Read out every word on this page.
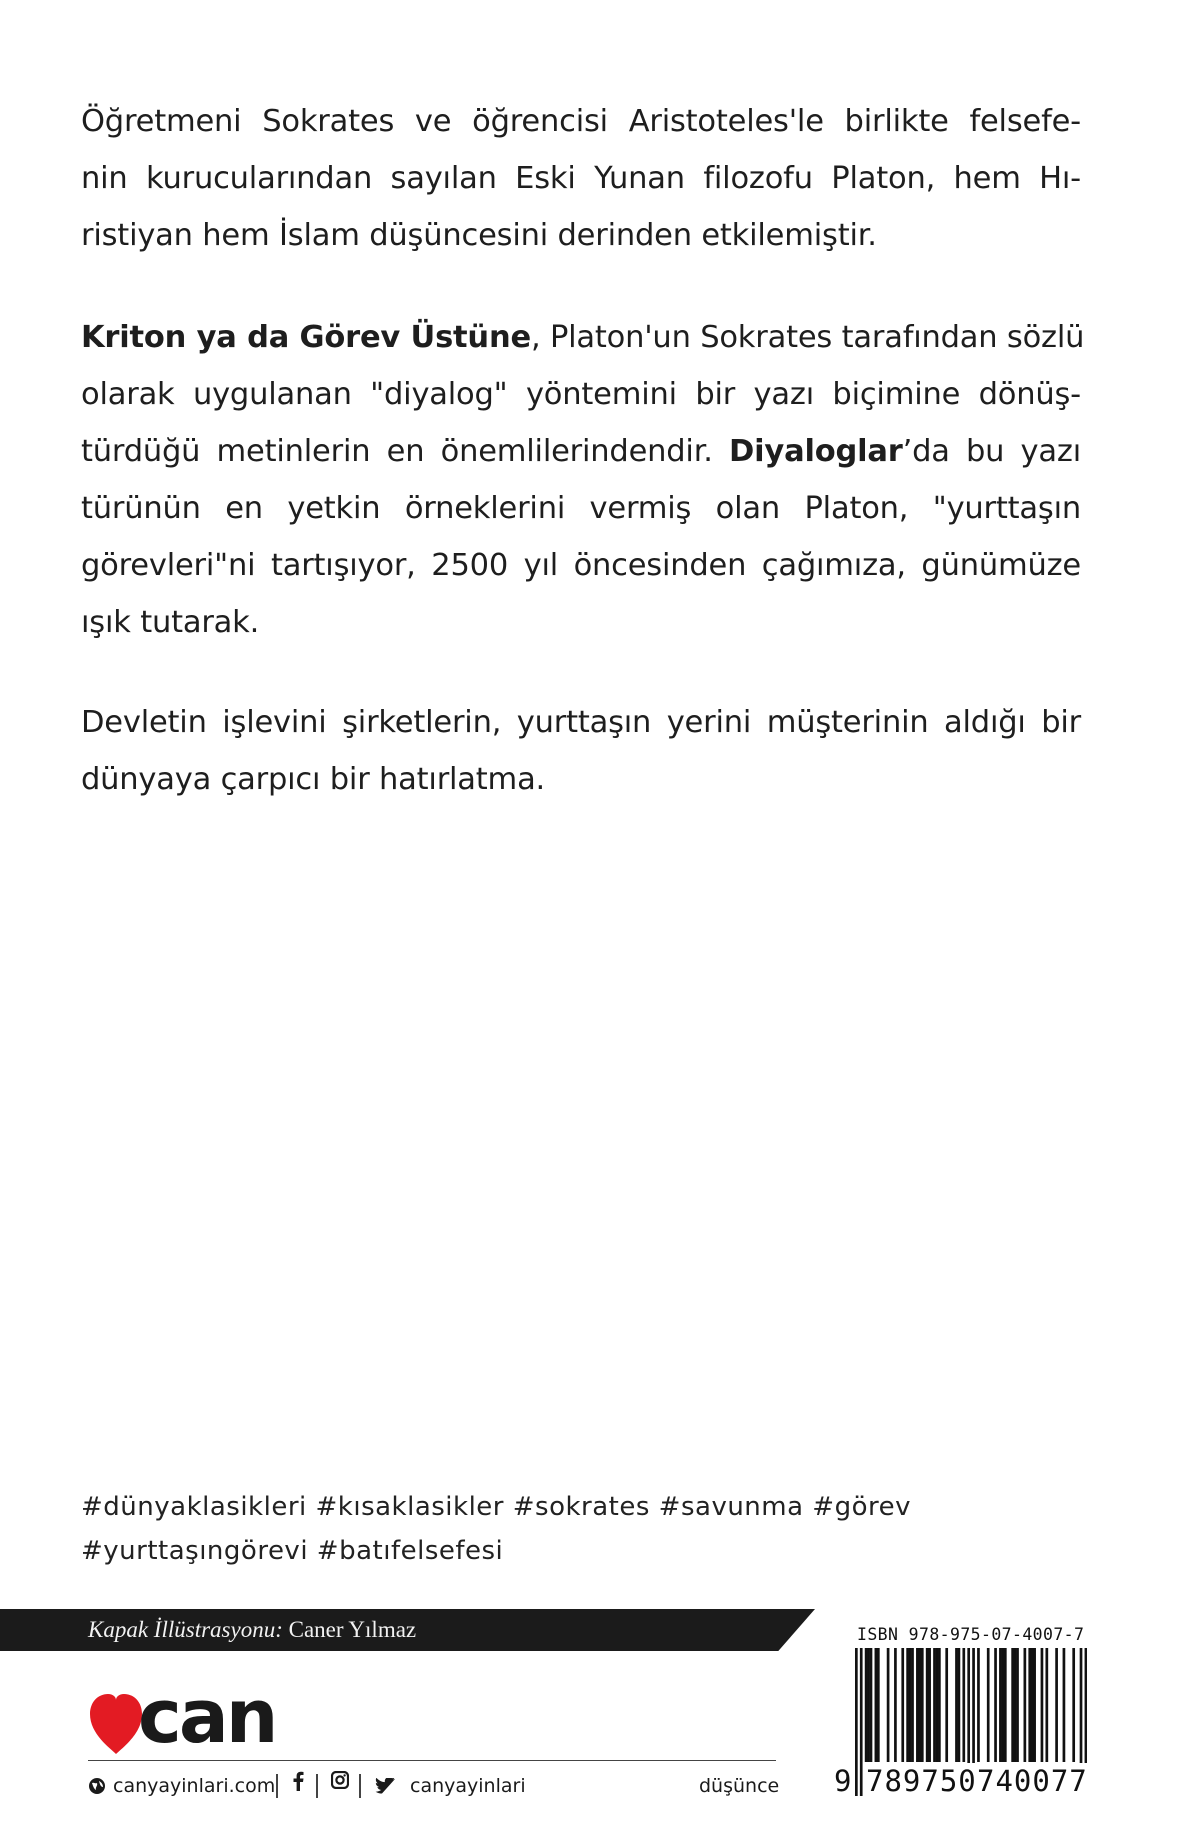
Öğretmeni Sokrates ve öğrencisi Aristoteles'le birlikte felsefe-
nin kurucularından sayılan Eski Yunan filozofu Platon, hem Hı-
ristiyan hem İslam düşüncesini derinden etkilemiştir.
Kriton ya da Görev Üstüne, Platon'un Sokrates tarafından sözlü
olarak uygulanan "diyalog" yöntemini bir yazı biçimine dönüş-
türdüğü metinlerin en önemlilerindendir. Diyaloglar’da bu yazı
türünün en yetkin örneklerini vermiş olan Platon, "yurttaşın
görevleri"ni tartışıyor, 2500 yıl öncesinden çağımıza, günümüze
ışık tutarak.
Devletin işlevini şirketlerin, yurttaşın yerini müşterinin aldığı bir
dünyaya çarpıcı bir hatırlatma.
#dünyaklasikleri #kısaklasikler #sokrates #savunma #görev
#yurttaşıngörevi #batıfelsefesi
Kapak İllüstrasyonu: Caner Yılmaz
can
canyayinlari.com	canyayinlari	düşünce
ISBN 978-975-07-4007-7
9 789750 740077
